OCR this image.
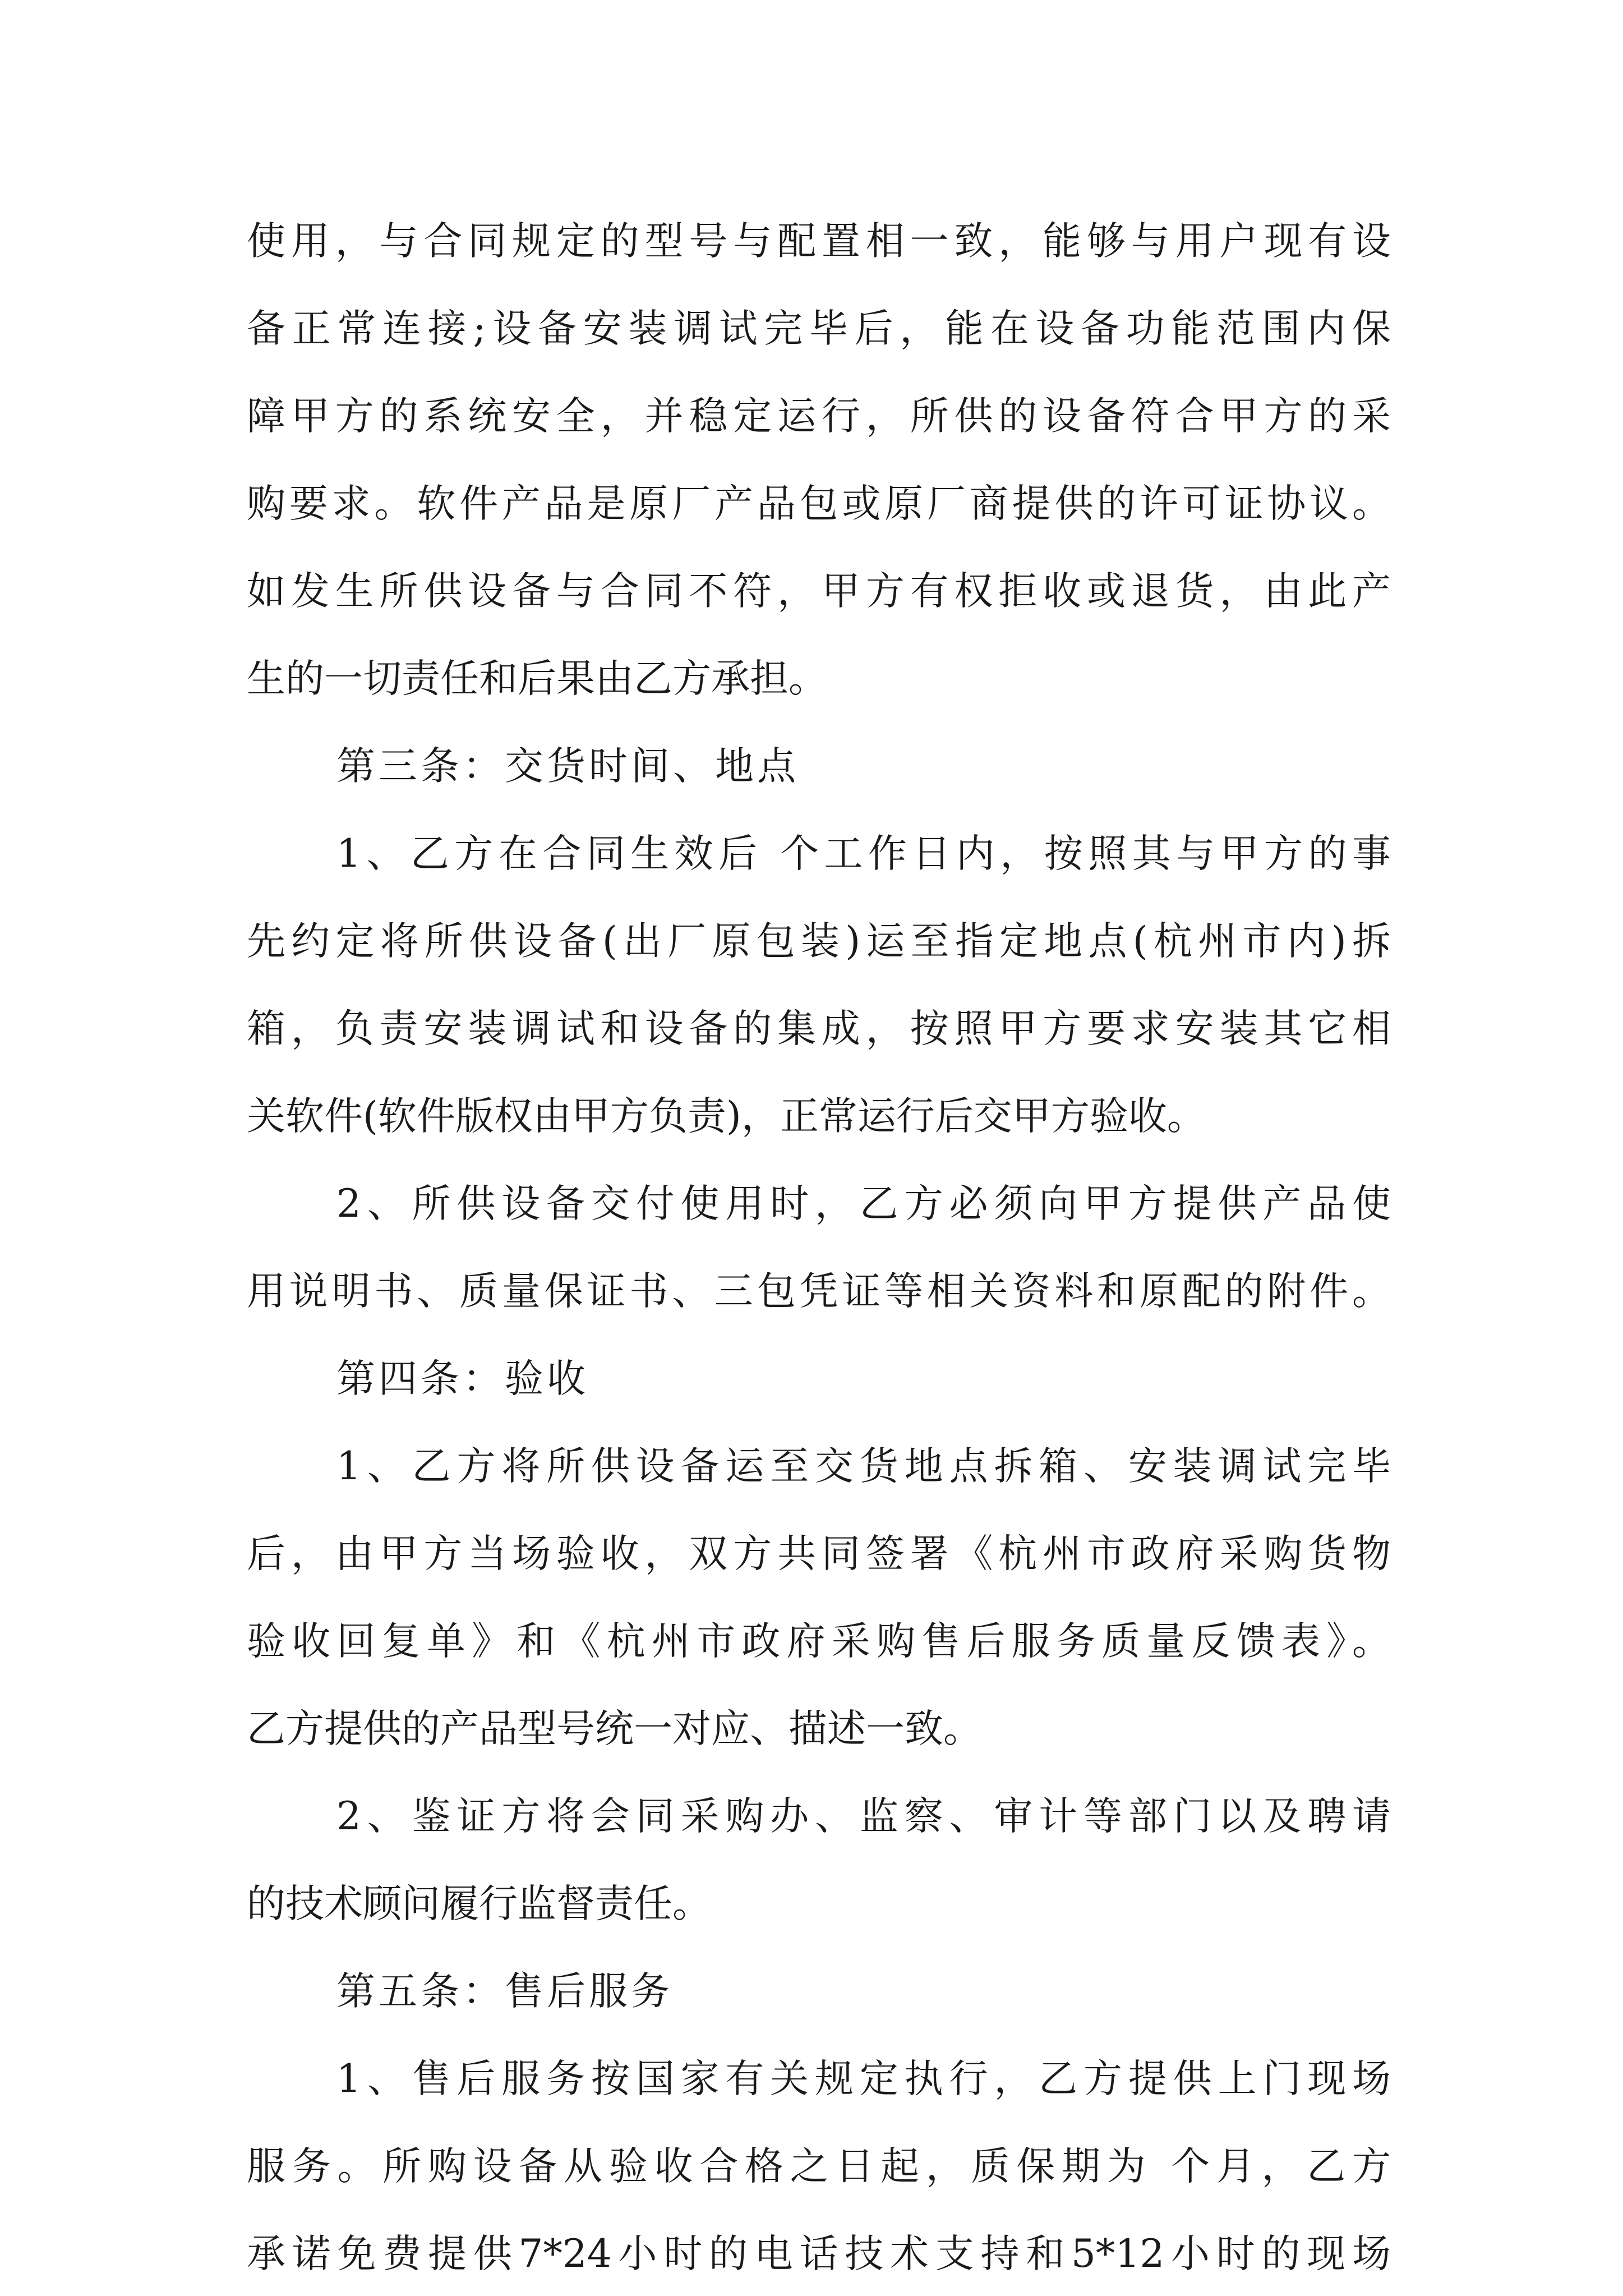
使用，与合同规定的型号与配置相一致，能够与用户现有设

备正常连接;设备安装调试完毕后，能在设备功能范围内保

障甲方的系统安全，并稳定运行，所供的设备符合甲方的采

购要求。软件产品是原厂产品包或原厂商提供的许可证协议。

如发生所供设备与合同不符，甲方有权拒收或退货，由此产

生的一切责任和后果由乙方承担。

第三条：交货时间、地点

1、乙方在合同生效后 个工作日内，按照其与甲方的事

先约定将所供设备(出厂原包装)运至指定地点(杭州市内)拆

箱，负责安装调试和设备的集成，按照甲方要求安装其它相

关软件(软件版权由甲方负责)，正常运行后交甲方验收。

2、所供设备交付使用时，乙方必须向甲方提供产品使

用说明书、质量保证书、三包凭证等相关资料和原配的附件。

第四条：验收

1、乙方将所供设备运至交货地点拆箱、安装调试完毕

后，由甲方当场验收，双方共同签署《杭州市政府采购货物

验收回复单》和《杭州市政府采购售后服务质量反馈表》。

乙方提供的产品型号统一对应、描述一致。

2、鉴证方将会同采购办、监察、审计等部门以及聘请

的技术顾问履行监督责任。

第五条：售后服务

1、售后服务按国家有关规定执行，乙方提供上门现场

服务。所购设备从验收合格之日起，质保期为 个月，乙方

承诺免费提供7*24小时的电话技术支持和5*12小时的现场
